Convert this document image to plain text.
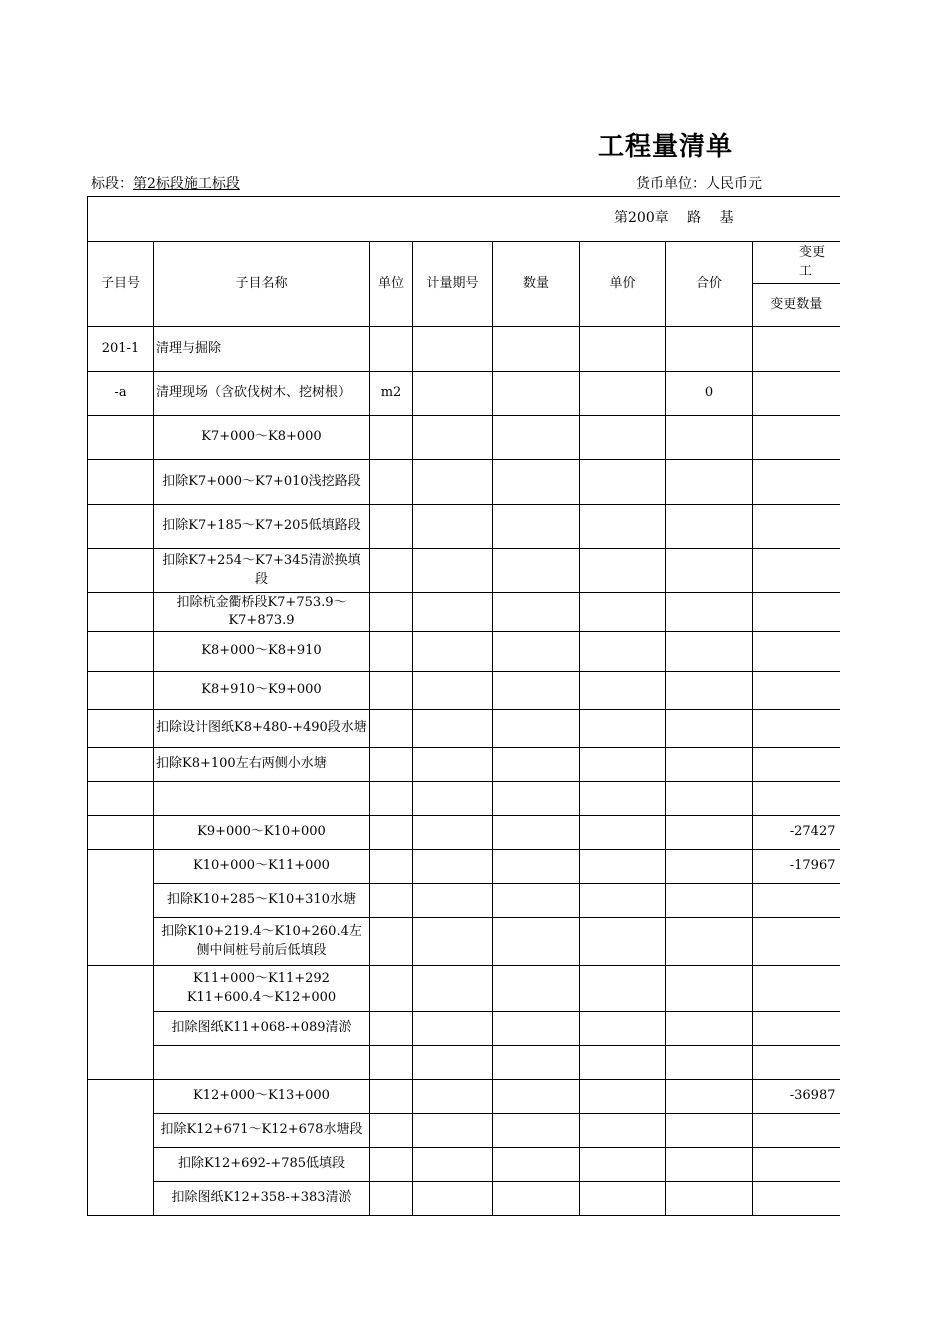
工程量清单
标段：第2标段施工标段	货币单位：人民币元
第200章　 路　 基							
子目号	子目名称	单位	计量期号	数量	单价	合价	变更工
							变更数量
201-1	清理与掘除						
-a	清理现场（含砍伐树木、挖树根）	m2				0	
	K7+000～K8+000						
	扣除K7+000～K7+010浅挖路段						
	扣除K7+185～K7+205低填路段						
	扣除K7+254～K7+345清淤换填段						
	扣除杭金衢桥段K7+753.9～K7+873.9						
	K8+000～K8+910						
	K8+910～K9+000						
	扣除设计图纸K8+480-+490段水塘						
	扣除K8+100左右两侧小水塘						

	K9+000～K10+000						-27427
	K10+000～K11+000						-17967
	扣除K10+285～K10+310水塘						
	扣除K10+219.4～K10+260.4左侧中间桩号前后低填段						
	K11+000～K11+292 K11+600.4～K12+000						
	扣除图纸K11+068-+089清淤						

	K12+000～K13+000						-36987
	扣除K12+671～K12+678水塘段						
	扣除K12+692-+785低填段						
	扣除图纸K12+358-+383清淤						
